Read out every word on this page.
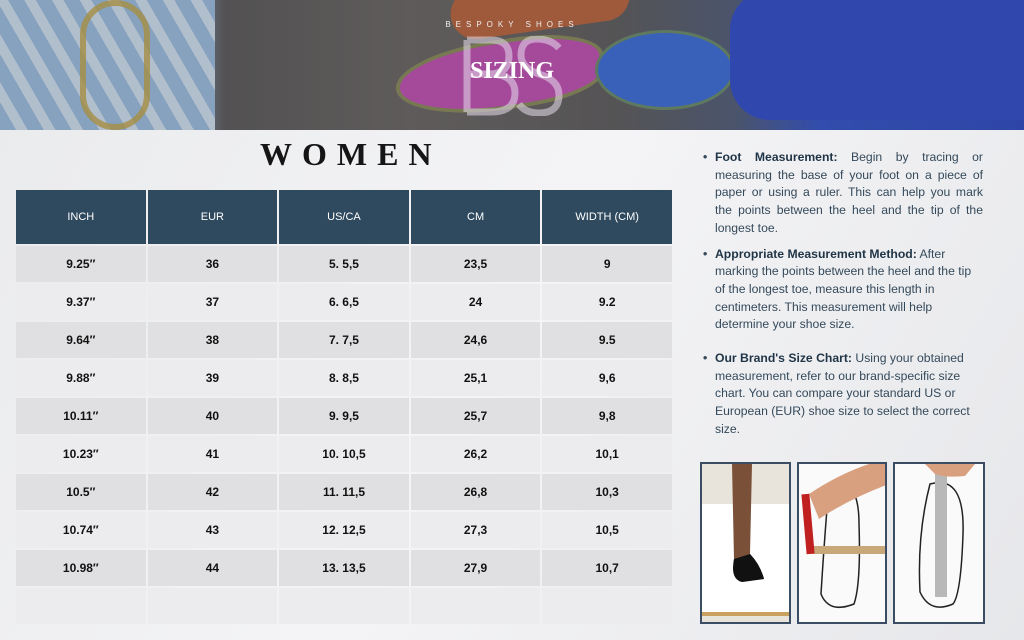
BESPOKY SHOES
SIZING
WOMEN
INCH	EUR	US/CA	CM	WIDTH (CM)
9.25″	36	5. 5,5	23,5	9
9.37″	37	6. 6,5	24	9.2
9.64″	38	7. 7,5	24,6	9.5
9.88″	39	8. 8,5	25,1	9,6
10.11″	40	9. 9,5	25,7	9,8
10.23″	41	10. 10,5	26,2	10,1
10.5″	42	11. 11,5	26,8	10,3
10.74″	43	12. 12,5	27,3	10,5
10.98″	44	13. 13,5	27,9	10,7

• Foot Measurement: Begin by tracing or measuring the base of your foot on a piece of paper or using a ruler. This can help you mark the points between the heel and the tip of the longest toe.
• Appropriate Measurement Method: After marking the points between the heel and the tip of the longest toe, measure this length in centimeters. This measurement will help determine your shoe size.
• Our Brand's Size Chart: Using your obtained measurement, refer to our brand-specific size chart. You can compare your standard US or European (EUR) shoe size to select the correct size.
